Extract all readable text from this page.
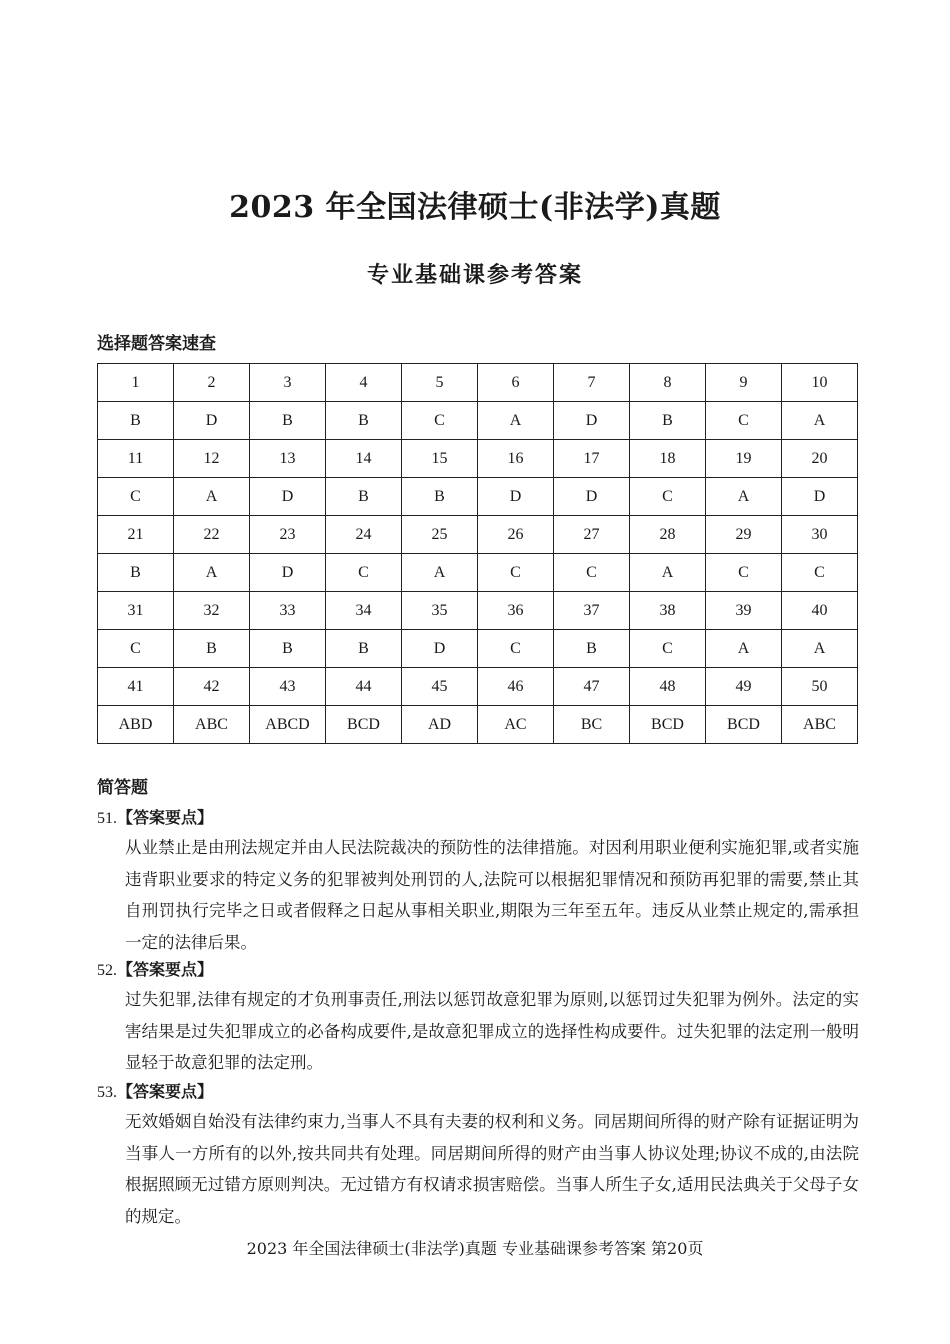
2023 年全国法律硕士(非法学)真题
专业基础课参考答案
选择题答案速查
1	2	3	4	5	6	7	8	9	10
B	D	B	B	C	A	D	B	C	A
11	12	13	14	15	16	17	18	19	20
C	A	D	B	B	D	D	C	A	D
21	22	23	24	25	26	27	28	29	30
B	A	D	C	A	C	C	A	C	C
31	32	33	34	35	36	37	38	39	40
C	B	B	B	D	C	B	C	A	A
41	42	43	44	45	46	47	48	49	50
ABD	ABC	ABCD	BCD	AD	AC	BC	BCD	BCD	ABC
简答题
51.【答案要点】
从业禁止是由刑法规定并由人民法院裁决的预防性的法律措施。对因利用职业便利实施犯罪,或者实施违背职业要求的特定义务的犯罪被判处刑罚的人,法院可以根据犯罪情况和预防再犯罪的需要,禁止其自刑罚执行完毕之日或者假释之日起从事相关职业,期限为三年至五年。违反从业禁止规定的,需承担一定的法律后果。
52.【答案要点】
过失犯罪,法律有规定的才负刑事责任,刑法以惩罚故意犯罪为原则,以惩罚过失犯罪为例外。法定的实害结果是过失犯罪成立的必备构成要件,是故意犯罪成立的选择性构成要件。过失犯罪的法定刑一般明显轻于故意犯罪的法定刑。
53.【答案要点】
无效婚姻自始没有法律约束力,当事人不具有夫妻的权利和义务。同居期间所得的财产除有证据证明为当事人一方所有的以外,按共同共有处理。同居期间所得的财产由当事人协议处理;协议不成的,由法院根据照顾无过错方原则判决。无过错方有权请求损害赔偿。当事人所生子女,适用民法典关于父母子女的规定。
2023 年全国法律硕士(非法学)真题 专业基础课参考答案 第20页
